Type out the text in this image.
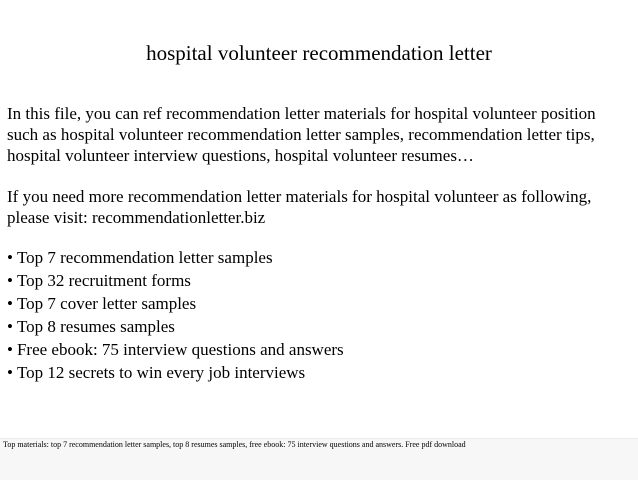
hospital volunteer recommendation letter
In this file, you can ref recommendation letter materials for hospital volunteer position
such as hospital volunteer recommendation letter samples, recommendation letter tips,
hospital volunteer interview questions, hospital volunteer resumes…
If you need more recommendation letter materials for hospital volunteer as following,
please visit: recommendationletter.biz
• Top 7 recommendation letter samples
• Top 32 recruitment forms
• Top 7 cover letter samples
• Top 8 resumes samples
• Free ebook: 75 interview questions and answers
• Top 12 secrets to win every job interviews
Top materials: top 7 recommendation letter samples, top 8 resumes samples, free ebook: 75 interview questions and answers. Free pdf download
